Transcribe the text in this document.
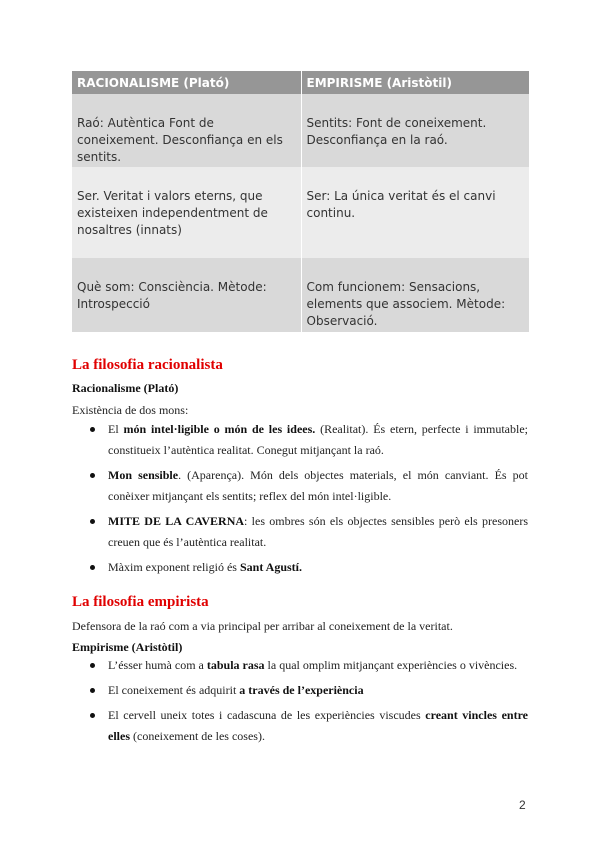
RACIONALISME (Plató)	EMPIRISME (Aristòtil)
Raó: Autèntica Font de coneixement. Desconfiança en els sentits.	Sentits: Font de coneixement. Desconfiança en la raó.
Ser. Veritat i valors eterns, que existeixen independentment de nosaltres (innats)	Ser: La única veritat és el canvi continu.
Què som: Consciència. Mètode: Introspecció	Com funcionem: Sensacions, elements que associem. Mètode: Observació.
La filosofia racionalista
Racionalisme (Plató)
Existència de dos mons:
El món intel·ligible o món de les idees. (Realitat). És etern, perfecte i immutable; constitueix l’autèntica realitat. Conegut mitjançant la raó.
Mon sensible. (Aparença). Món dels objectes materials, el món canviant. És pot conèixer mitjançant els sentits; reflex del món intel·ligible.
MITE DE LA CAVERNA: les ombres són els objectes sensibles però els presoners creuen que és l’autèntica realitat.
Màxim exponent religió és Sant Agustí.
La filosofia empirista
Defensora de la raó com a via principal per arribar al coneixement de la veritat.
Empirisme (Aristòtil)
L’ésser humà com a tabula rasa la qual omplim mitjançant experiències o vivències.
El coneixement és adquirit a través de l’experiència
El cervell uneix totes i cadascuna de les experiències viscudes creant vincles entre elles (coneixement de les coses).
2
